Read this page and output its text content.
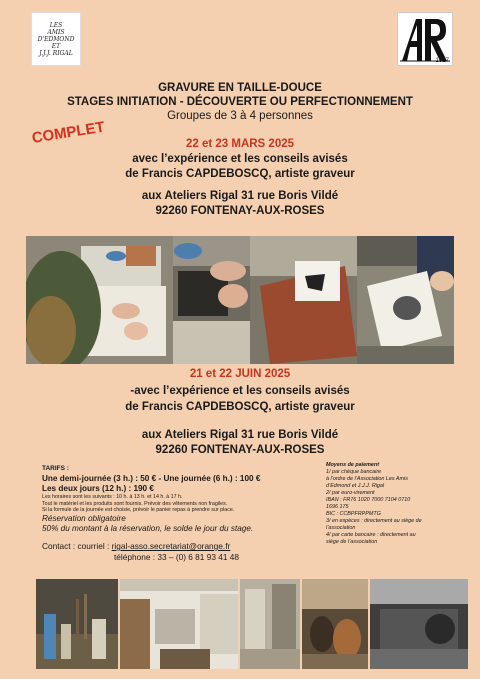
LES
AMIS
D'EDMOND
ET
J.J.J. RIGAL
1927
GRAVURE EN TAILLE-DOUCE
STAGES INITIATION - DÉCOUVERTE OU PERFECTIONNEMENT
Groupes de 3 à 4 personnes
COMPLET	22 et 23 MARS 2025
avec l’expérience et les conseils avisés
de Francis CAPDEBOSCQ, artiste graveur
aux Ateliers Rigal 31 rue Boris Vildé
92260 FONTENAY-AUX-ROSES
21 et 22 JUIN 2025
-avec l’expérience et les conseils avisés
de Francis CAPDEBOSCQ, artiste graveur
aux Ateliers Rigal 31 rue Boris Vildé
92260 FONTENAY-AUX-ROSES
TARIFS :
Une demi-journée (3 h.) : 50 € - Une journée (6 h.) : 100 €
Les deux jours (12 h.) : 190 €
Les horaires sont les suivants : 10 h. à 13 h. et 14 h. à 17 h.
Tout le matériel et les produits sont fournis. Prévoir des vêtements non fragiles.
Si la formule de la journée est choisie, prévoir le panier repas à prendre sur place.
Réservation obligatoire
50% du montant à la réservation, le solde le jour du stage.
Moyens de paiement
1/ par chèque bancaire
à l’ordre de l’Association Les Amis
d’Edmond et J.J.J. Rigal
2/ par euro-virement
IBAN : FR76 1020 7000 7104 0710
1696 175
BIC : CCBPFRPPMTG
3/ en espèces : directement au siège de
l’association
4/ par carte bancaire : directement au
siège de l’association
Contact : courriel : rigal-asso.secretariat@orange.fr
téléphone : 33 – (0) 6 81 93 41 48
